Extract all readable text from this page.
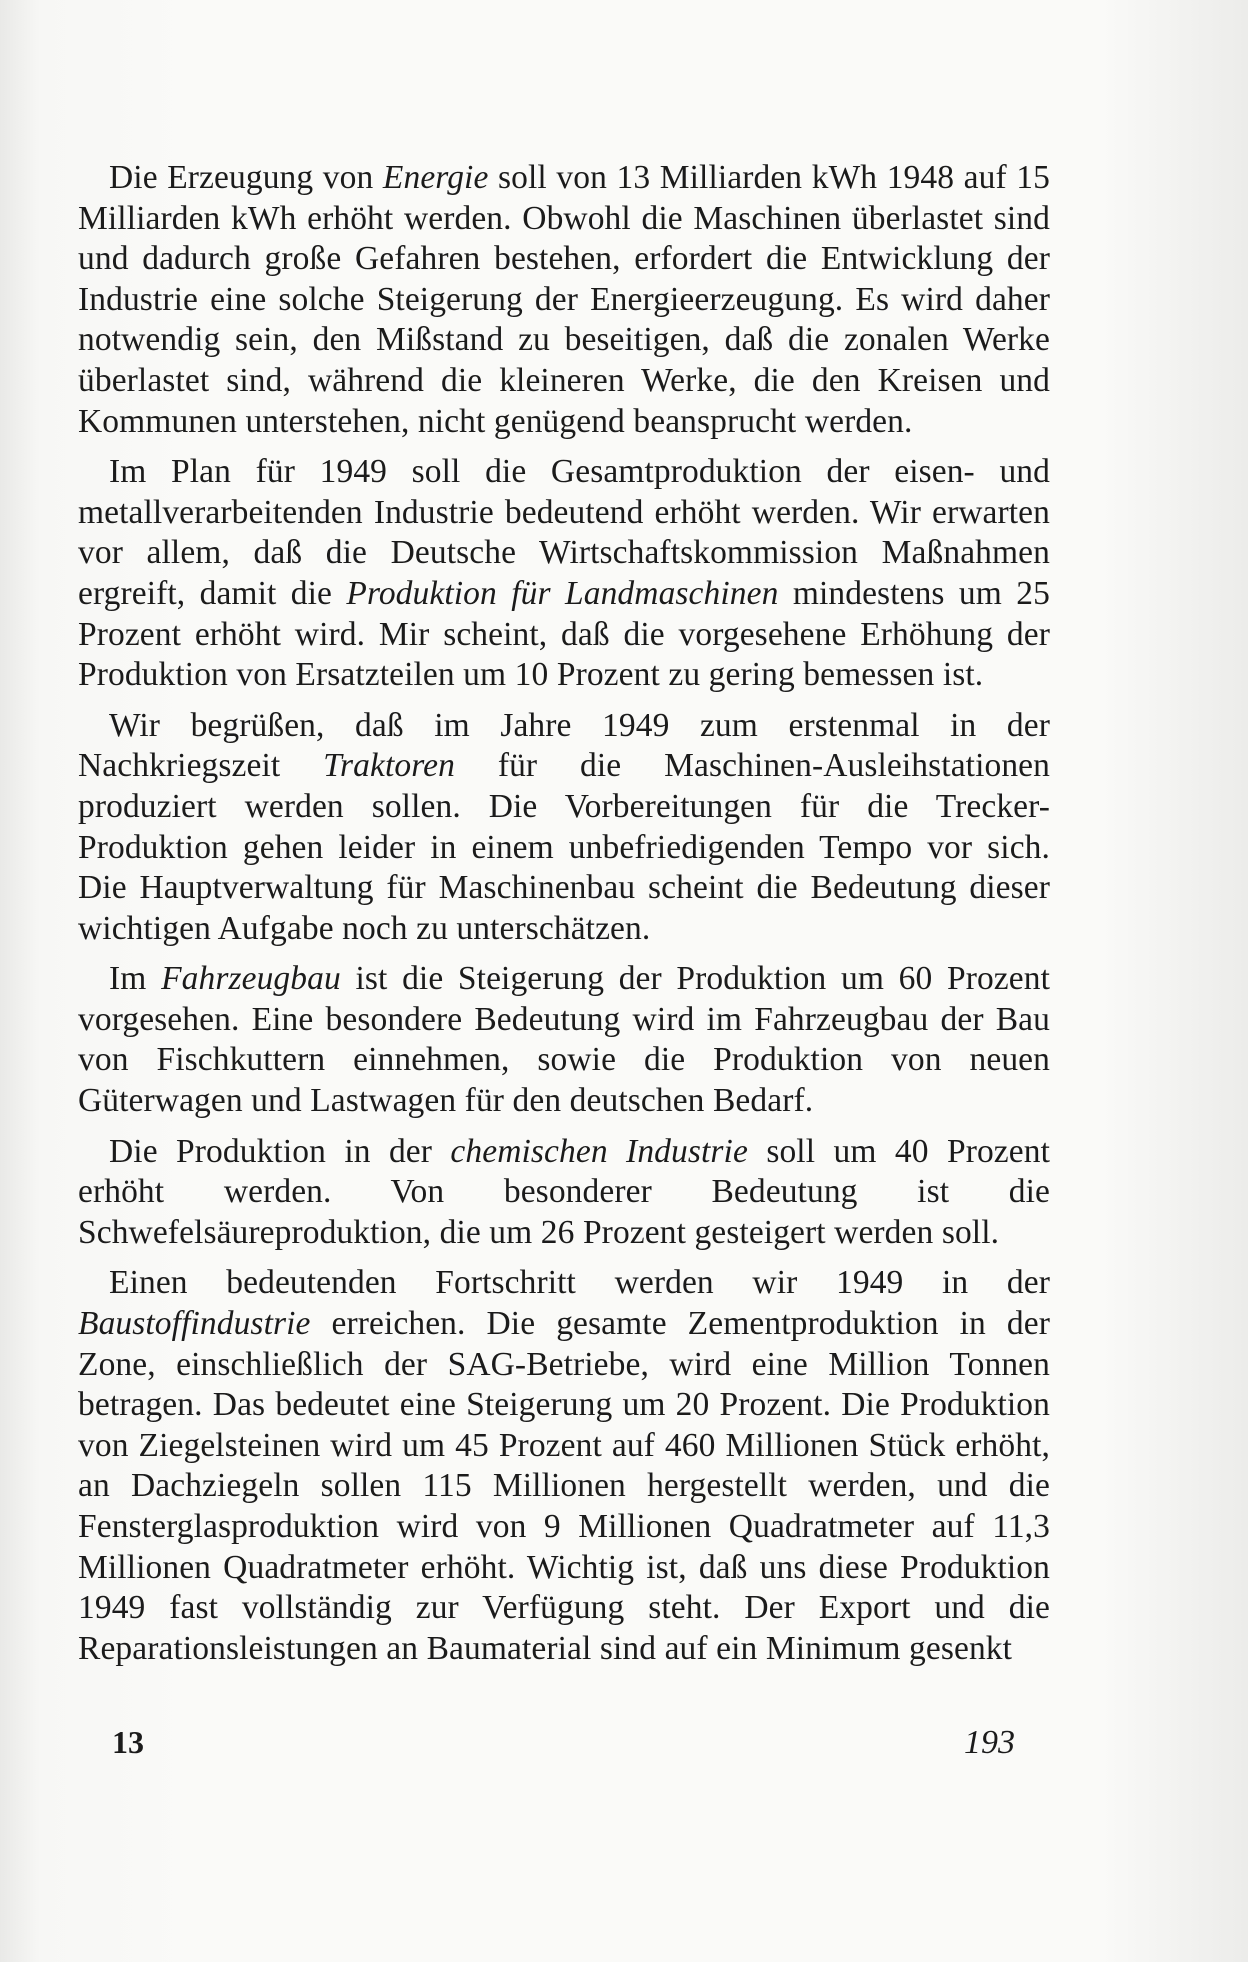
Die Erzeugung von Energie soll von 13 Milliarden kWh 1948 auf 15 Milliarden kWh erhöht werden. Obwohl die Maschinen überlastet sind und dadurch große Gefahren bestehen, erfordert die Entwicklung der Industrie eine solche Steigerung der Energieerzeugung. Es wird daher notwendig sein, den Mißstand zu beseitigen, daß die zonalen Werke überlastet sind, während die kleineren Werke, die den Kreisen und Kommunen unterstehen, nicht genügend beansprucht werden.

Im Plan für 1949 soll die Gesamtproduktion der eisen- und metallverarbeitenden Industrie bedeutend erhöht werden. Wir erwarten vor allem, daß die Deutsche Wirtschaftskommission Maßnahmen ergreift, damit die Produktion für Landmaschinen mindestens um 25 Prozent erhöht wird. Mir scheint, daß die vorgesehene Erhöhung der Produktion von Ersatzteilen um 10 Prozent zu gering bemessen ist.

Wir begrüßen, daß im Jahre 1949 zum erstenmal in der Nachkriegszeit Traktoren für die Maschinen-Ausleihstationen produziert werden sollen. Die Vorbereitungen für die Trecker-Produktion gehen leider in einem unbefriedigenden Tempo vor sich. Die Hauptverwaltung für Maschinenbau scheint die Bedeutung dieser wichtigen Aufgabe noch zu unterschätzen.

Im Fahrzeugbau ist die Steigerung der Produktion um 60 Prozent vorgesehen. Eine besondere Bedeutung wird im Fahrzeugbau der Bau von Fischkuttern einnehmen, sowie die Produktion von neuen Güterwagen und Lastwagen für den deutschen Bedarf.

Die Produktion in der chemischen Industrie soll um 40 Prozent erhöht werden. Von besonderer Bedeutung ist die Schwefelsäureproduktion, die um 26 Prozent gesteigert werden soll.

Einen bedeutenden Fortschritt werden wir 1949 in der Baustoffindustrie erreichen. Die gesamte Zementproduktion in der Zone, einschließlich der SAG-Betriebe, wird eine Million Tonnen betragen. Das bedeutet eine Steigerung um 20 Prozent. Die Produktion von Ziegelsteinen wird um 45 Prozent auf 460 Millionen Stück erhöht, an Dachziegeln sollen 115 Millionen hergestellt werden, und die Fensterglasproduktion wird von 9 Millionen Quadratmeter auf 11,3 Millionen Quadratmeter erhöht. Wichtig ist, daß uns diese Produktion 1949 fast vollständig zur Verfügung steht. Der Export und die Reparationsleistungen an Baumaterial sind auf ein Minimum gesenkt

13	193
